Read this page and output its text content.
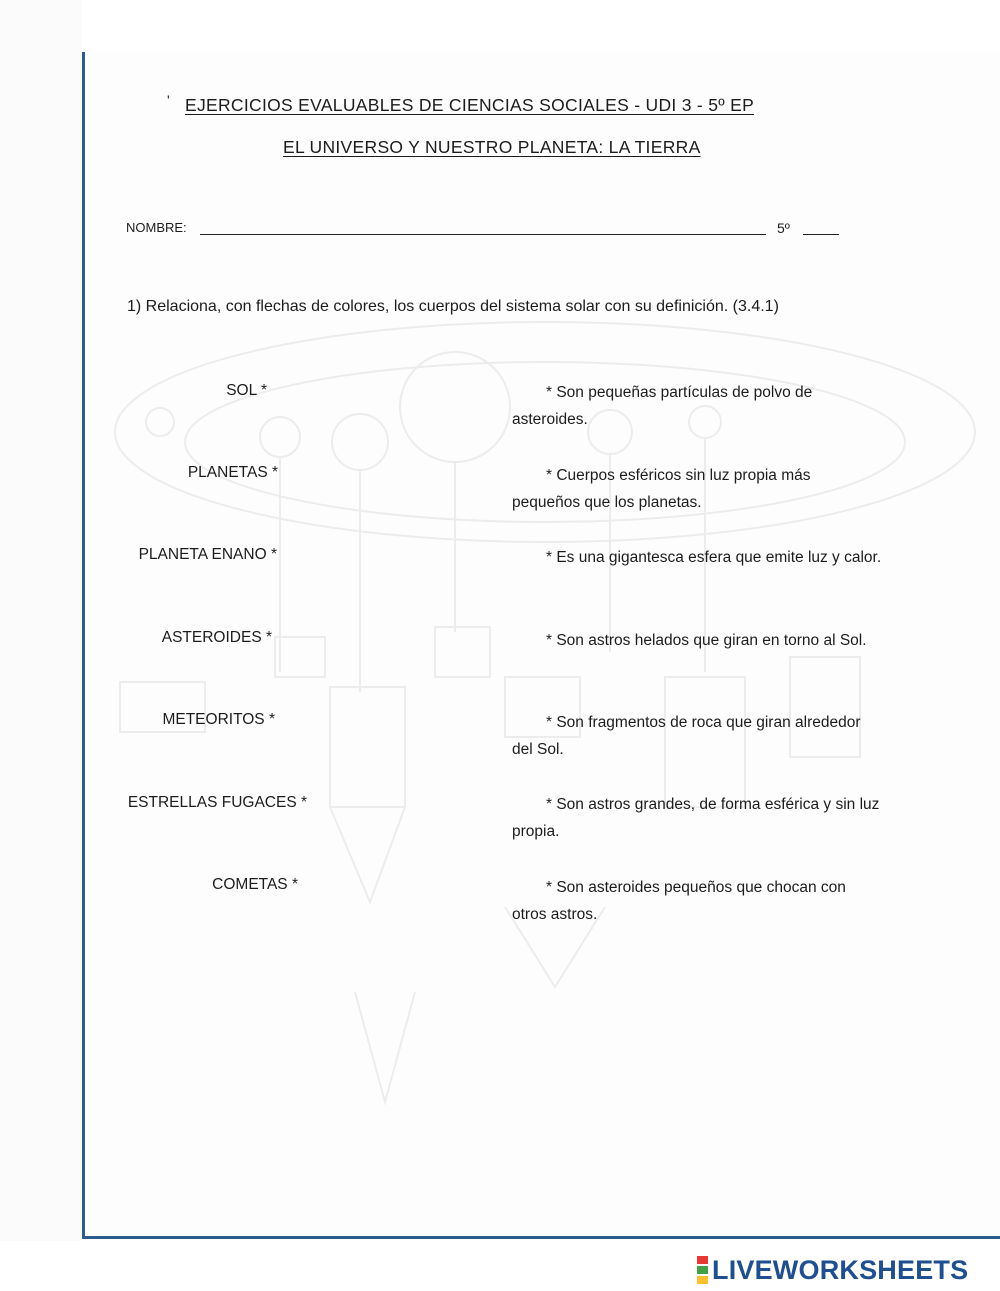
' EJERCICIOS EVALUABLES DE CIENCIAS SOCIALES - UDI 3 - 5º EP
EL UNIVERSO Y NUESTRO PLANETA: LA TIERRA
NOMBRE:	5º
1) Relaciona, con flechas de colores, los cuerpos del sistema solar con su definición. (3.4.1)
SOL *
PLANETAS *
PLANETA ENANO *
ASTEROIDES *
METEORITOS *
ESTRELLAS FUGACES *
COMETAS *
* Son pequeñas partículas de polvo de asteroides.
* Cuerpos esféricos sin luz propia más pequeños que los planetas.
* Es una gigantesca esfera que emite luz y calor.
* Son astros helados que giran en torno al Sol.
* Son fragmentos de roca que giran alrededor del Sol.
* Son astros grandes, de forma esférica y sin luz propia.
* Son asteroides pequeños que chocan con otros astros.
LIVEWORKSHEETS
